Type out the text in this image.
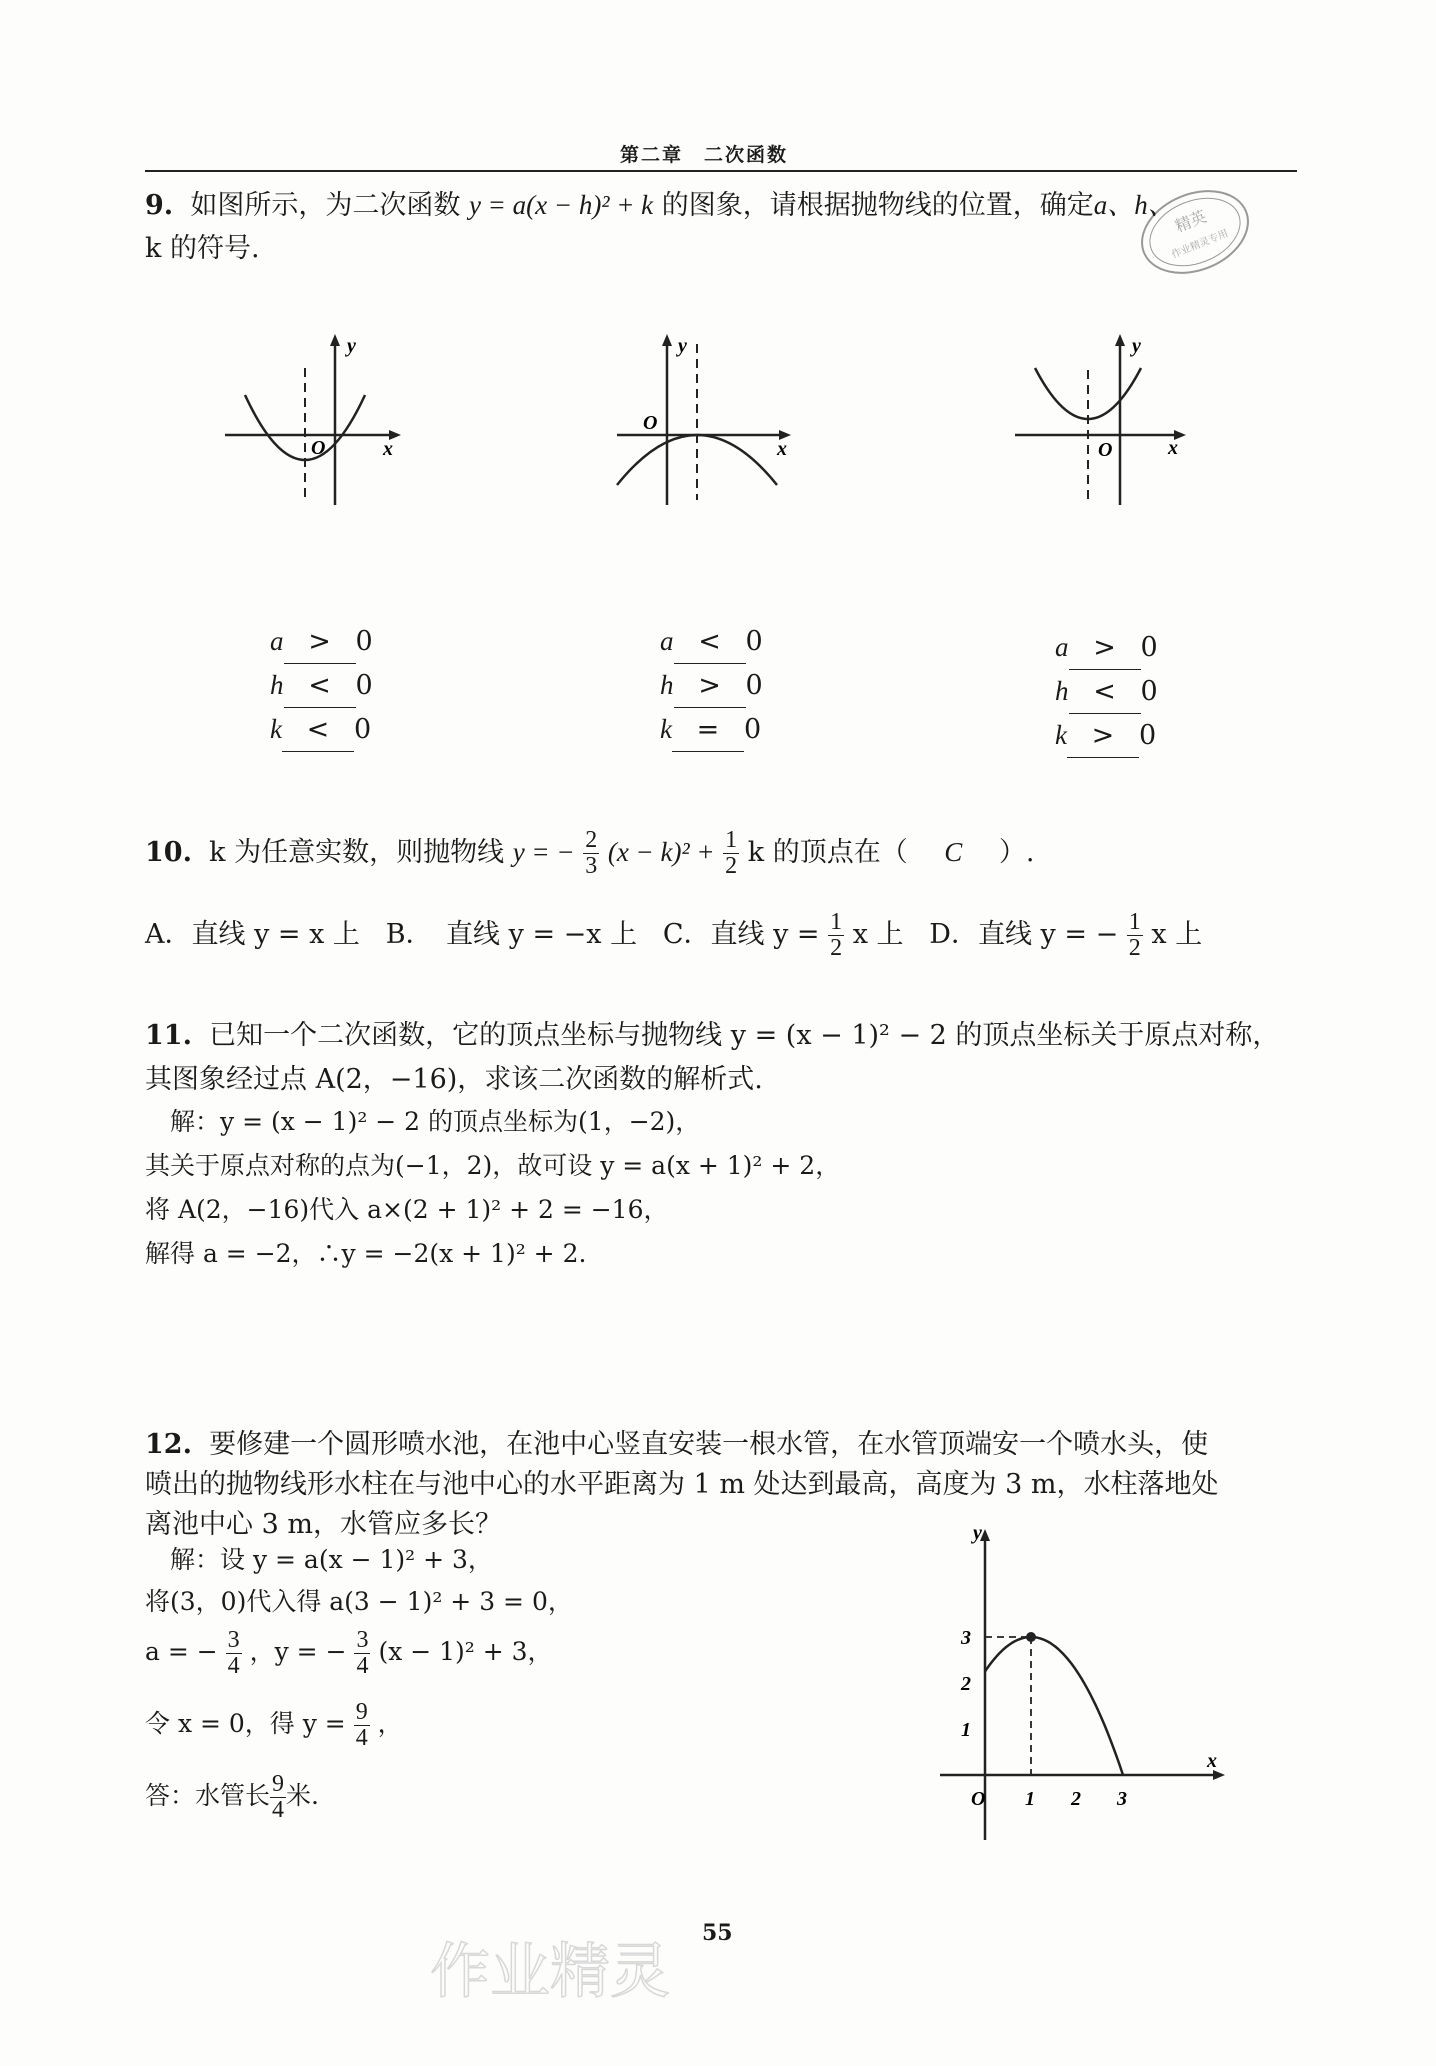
第二章　二次函数
精英
作业精灵专用
9. 如图所示，为二次函数 y = a(x − h)² + k 的图象，请根据抛物线的位置，确定a、h、
k 的符号.
y
x
O
y
x
O
y
x
O
a > 0
h < 0
k < 0
a < 0
h > 0
k = 0
a > 0
h < 0
k > 0
10. k 为任意实数，则抛物线 y = − $\frac{2}{3} (x - k)^2 + \frac{1}{2}$ k 的顶点在（ C ）.
A．直线 y = x 上 B．　直线 y = −x 上 C．直线 $y = \frac{1}{2}$ x 上 D．直线 y = − $\frac{1}{2}$ x 上
11. 已知一个二次函数，它的顶点坐标与抛物线 y = (x − 1)² − 2 的顶点坐标关于原点对称，
其图象经过点 A(2，−16)，求该二次函数的解析式.
　解：y = (x − 1)² − 2 的顶点坐标为(1，−2)，
其关于原点对称的点为(−1，2)，故可设 y = a(x + 1)² + 2，
将 A(2，−16)代入 a×(2 + 1)² + 2 = −16，
解得 a = −2，∴y = −2(x + 1)² + 2.
12. 要修建一个圆形喷水池，在池中心竖直安装一根水管，在水管顶端安一个喷水头，使
喷出的抛物线形水柱在与池中心的水平距离为 1 m 处达到最高，高度为 3 m，水柱落地处
离池中心 3 m，水管应多长？
　解：设 y = a(x − 1)² + 3，
将(3，0)代入得 a(3 − 1)² + 3 = 0，
a = − $\frac{3}{4}$ ，y = − $\frac{3}{4} (x - 1)^2 + 3$，
令 x = 0，得 $y = \frac{9}{4}$ ，
答：水管长 $\frac{9}{4}$ 米.
1
2
3
1 2 3
y
x
O
55
作业精灵
